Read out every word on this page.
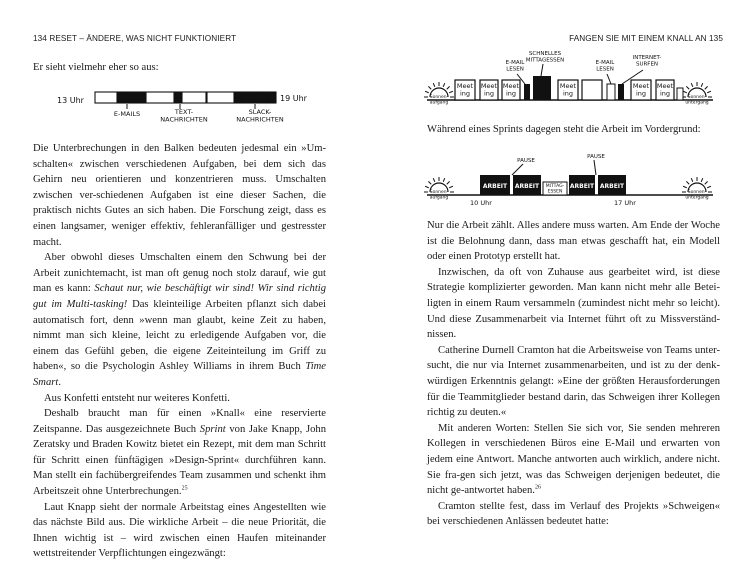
134 RESET – ÄNDERE, WAS NICHT FUNKTIONIERT

Er sieht vielmehr eher so aus:

13 Uhr	19 Uhr
E-MAILS	TEXT-NACHRICHTEN
SLACK-NACHRICHTEN

Die Unterbrechungen in den Balken bedeuten jedesmal ein »Um-schalten« zwischen verschiedenen Aufgaben, bei dem sich das Gehirn neu orientieren und konzentrieren muss. Umschalten zwischen ver-schiedenen Aufgaben ist eine dieser Sachen, die praktisch nichts Gutes an sich haben. Die Forschung zeigt, dass es einen langsamer, weniger effektiv, fehleranfälliger und gestresster macht.

Aber obwohl dieses Umschalten einem den Schwung bei der Arbeit zunichtemacht, ist man oft genug noch stolz darauf, wie gut man es kann: Schaut nur, wie beschäftigt wir sind! Wir sind richtig gut im Multi-tasking! Das kleinteilige Arbeiten pflanzt sich dabei automatisch fort, denn »wenn man glaubt, keine Zeit zu haben, nimmt man sich kleine, leicht zu erledigende Aufgaben vor, die einem das Gefühl geben, die eigene Zeiteinteilung im Griff zu haben«, so die Psychologin Ashley Williams in ihrem Buch Time Smart.

Aus Konfetti entsteht nur weiteres Konfetti.

Deshalb braucht man für einen »Knall« eine reservierte Zeitspanne. Das ausgezeichnete Buch Sprint von Jake Knapp, John Zeratsky und Braden Kowitz bietet ein Rezept, mit dem man Schritt für Schritt einen fünftägigen »Design-Sprint« durchführen kann. Man stellt ein fachübergreifendes Team zusammen und schenkt ihm Arbeitszeit ohne Unterbrechungen.$^{25}$

Laut Knapp sieht der normale Arbeitstag eines Angestellten wie das nächste Bild aus. Die wirkliche Arbeit – die neue Priorität, die Ihnen wichtig ist – wird zwischen einen Haufen miteinander wettstreitender Verpflichtungen eingezwängt:

FANGEN SIE MIT EINEM KNALL AN 135
Sonnen-aufgang
Sonnen-untergang
Meet ing
Meet ing
Meet ing
Meet ing
Meet ing
Meet ing
E-MAIL LESEN
SCHNELLES MITTAGESSEN	E-MAIL LESEN
INTERNET-SURFEN

Während eines Sprints dagegen steht die Arbeit im Vordergrund:

Sonnen-aufgang
Sonnen-untergang
ARBEIT ARBEIT	ARBEIT ARBEIT
MITTAG-ESSEN
PAUSE
PAUSE
10 Uhr	17 Uhr

Nur die Arbeit zählt. Alles andere muss warten. Am Ende der Woche ist die Belohnung dann, dass man etwas geschafft hat, ein Modell oder einen Prototyp erstellt hat.

Inzwischen, da oft von Zuhause aus gearbeitet wird, ist diese Strategie komplizierter geworden. Man kann nicht mehr alle Betei-ligten in einem Raum versammeln (zumindest nicht mehr so leicht). Und diese Zusammenarbeit via Internet führt oft zu Missverständ-nissen.

Catherine Durnell Cramton hat die Arbeitsweise von Teams unter-sucht, die nur via Internet zusammenarbeiten, und ist zu der denk-würdigen Erkenntnis gelangt: »Eine der größten Herausforderungen für die Teammitglieder bestand darin, das Schweigen ihrer Kollegen richtig zu deuten.«

Mit anderen Worten: Stellen Sie sich vor, Sie senden mehreren Kollegen in verschiedenen Büros eine E-Mail und erwarten von jedem eine Antwort. Manche antworten auch wirklich, andere nicht. Sie fra-gen sich jetzt, was das Schweigen derjenigen bedeutet, die nicht ge-antwortet haben.$^{26}$

Cramton stellte fest, dass im Verlauf des Projekts »Schweigen« bei verschiedenen Anlässen bedeutet hatte:
